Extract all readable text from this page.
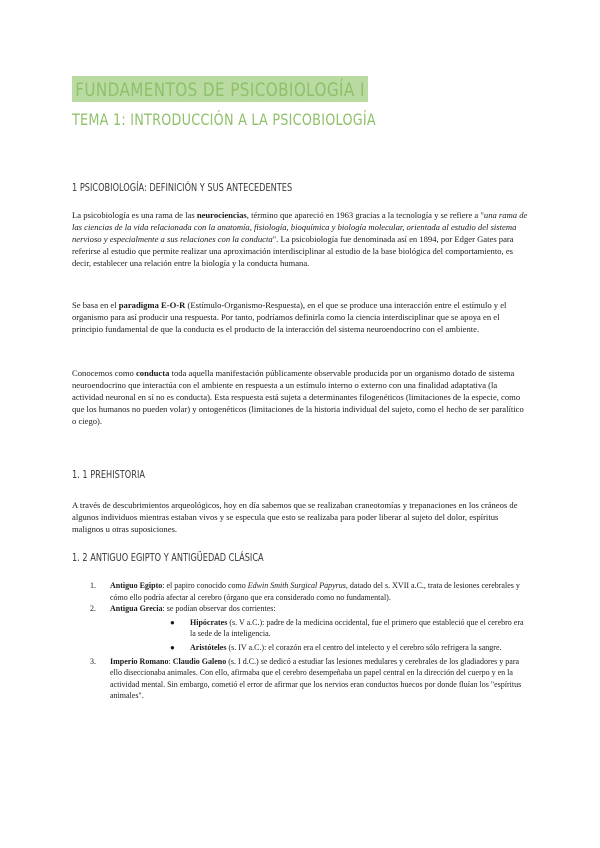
FUNDAMENTOS DE PSICOBIOLOGÍA I
TEMA 1: INTRODUCCIÓN A LA PSICOBIOLOGÍA
1 PSICOBIOLOGÍA: DEFINICIÓN Y SUS ANTECEDENTES

La psicobiología es una rama de las neurociencias, término que apareció en 1963 gracias a la tecnología y se refiere a "una rama de las ciencias de la vida relacionada con la anatomía, fisiología, bioquímica y biología molecular, orientada al estudio del sistema nervioso y especialmente a sus relaciones con la conducta". La psicobiología fue denominada así en 1894, por Edger Gates para referirse al estudio que permite realizar una aproximación interdisciplinar al estudio de la base biológica del comportamiento, es decir, establecer una relación entre la biología y la conducta humana.

Se basa en el paradigma E-O-R (Estímulo-Organismo-Respuesta), en el que se produce una interacción entre el estímulo y el organismo para así producir una respuesta. Por tanto, podríamos definirla como la ciencia interdisciplinar que se apoya en el principio fundamental de que la conducta es el producto de la interacción del sistema neuroendocrino con el ambiente.

Conocemos como conducta toda aquella manifestación públicamente observable producida por un organismo dotado de sistema neuroendocrino que interactúa con el ambiente en respuesta a un estímulo interno o externo con una finalidad adaptativa (la actividad neuronal en sí no es conducta). Esta respuesta está sujeta a determinantes filogenéticos (limitaciones de la especie, como que los humanos no pueden volar) y ontogenéticos (limitaciones de la historia individual del sujeto, como el hecho de ser paralítico o ciego).

1. 1 PREHISTORIA

A través de descubrimientos arqueológicos, hoy en día sabemos que se realizaban craneotomías y trepanaciones en los cráneos de algunos individuos mientras estaban vivos y se especula que esto se realizaba para poder liberar al sujeto del dolor, espíritus malignos u otras suposiciones.

1. 2 ANTIGUO EGIPTO Y ANTIGÜEDAD CLÁSICA
1. Antiguo Egipto: el papiro conocido como Edwin Smith Surgical Papyrus, datado del s. XVII a.C., trata de lesiones cerebrales y cómo ello podría afectar al cerebro (órgano que era considerado como no fundamental).
2. Antigua Grecia: se podían observar dos corrientes:
● Hipócrates (s. V a.C.): padre de la medicina occidental, fue el primero que estableció que el cerebro era la sede de la inteligencia.
● Aristóteles (s. IV a.C.): el corazón era el centro del intelecto y el cerebro sólo refrigera la sangre.
3. Imperio Romano: Claudio Galeno (s. I d.C.) se dedicó a estudiar las lesiones medulares y cerebrales de los gladiadores y para ello diseccionaba animales. Con ello, afirmaba que el cerebro desempeñaba un papel central en la dirección del cuerpo y en la actividad mental. Sin embargo, cometió el error de afirmar que los nervios eran conductos huecos por donde fluían los "espíritus animales".
